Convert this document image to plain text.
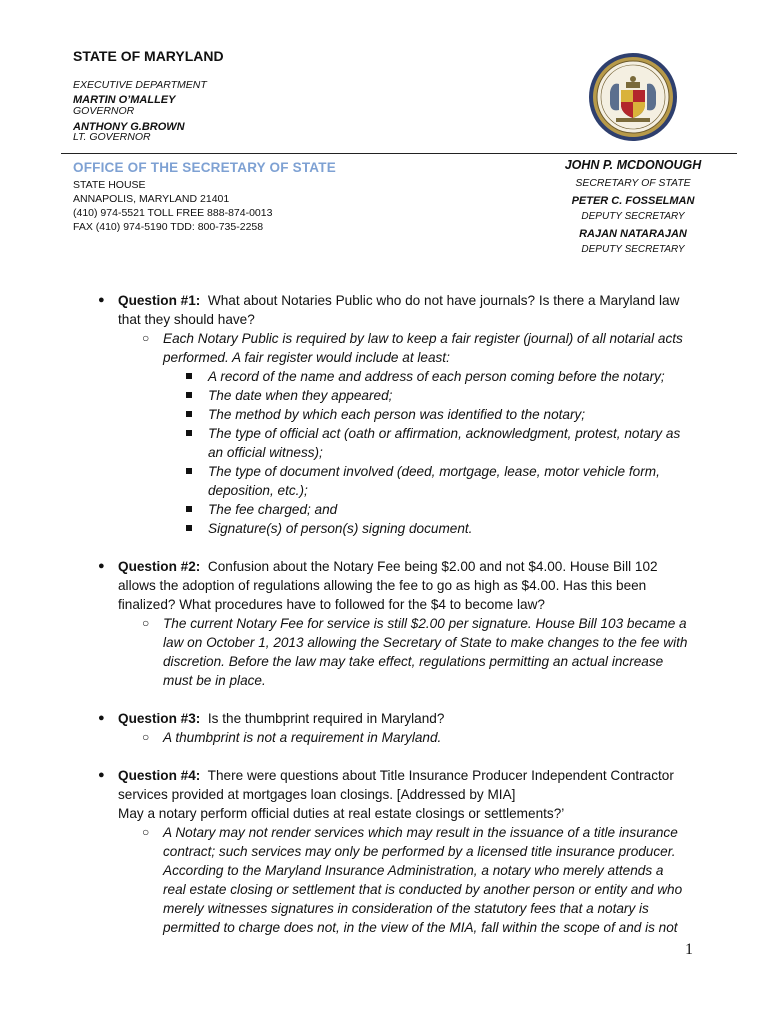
STATE OF MARYLAND
EXECUTIVE DEPARTMENT
MARTIN O’MALLEY
GOVERNOR
ANTHONY G.BROWN
LT. GOVERNOR
OFFICE OF THE SECRETARY OF STATE
STATE HOUSE
ANNAPOLIS, MARYLAND 21401
(410) 974-5521 TOLL FREE 888-874-0013
FAX (410) 974-5190 TDD: 800-735-2258
JOHN P. MCDONOUGH
SECRETARY OF STATE
PETER C. FOSSELMAN
DEPUTY SECRETARY
RAJAN NATARAJAN
DEPUTY SECRETARY
● Question #1: What about Notaries Public who do not have journals? Is there a Maryland law

that they should have?

○ Each Notary Public is required by law to keep a fair register (journal) of all notarial acts

performed. A fair register would include at least:

A record of the name and address of each person coming before the notary;

The date when they appeared;

The method by which each person was identified to the notary;

The type of official act (oath or affirmation, acknowledgment, protest, notary as

an official witness);

The type of document involved (deed, mortgage, lease, motor vehicle form,

deposition, etc.);

The fee charged; and

Signature(s) of person(s) signing document.

● Question #2: Confusion about the Notary Fee being $2.00 and not $4.00. House Bill 102

allows the adoption of regulations allowing the fee to go as high as $4.00. Has this been

finalized? What procedures have to followed for the $4 to become law?

○ The current Notary Fee for service is still $2.00 per signature. House Bill 103 became a

law on October 1, 2013 allowing the Secretary of State to make changes to the fee with

discretion. Before the law may take effect, regulations permitting an actual increase

must be in place.

● Question #3: Is the thumbprint required in Maryland?

○ A thumbprint is not a requirement in Maryland.

● Question #4: There were questions about Title Insurance Producer Independent Contractor

services provided at mortgages loan closings. [Addressed by MIA]

May a notary perform official duties at real estate closings or settlements?’

○ A Notary may not render services which may result in the issuance of a title insurance

contract; such services may only be performed by a licensed title insurance producer.

According to the Maryland Insurance Administration, a notary who merely attends a

real estate closing or settlement that is conducted by another person or entity and who

merely witnesses signatures in consideration of the statutory fees that a notary is

permitted to charge does not, in the view of the MIA, fall within the scope of and is not

1
